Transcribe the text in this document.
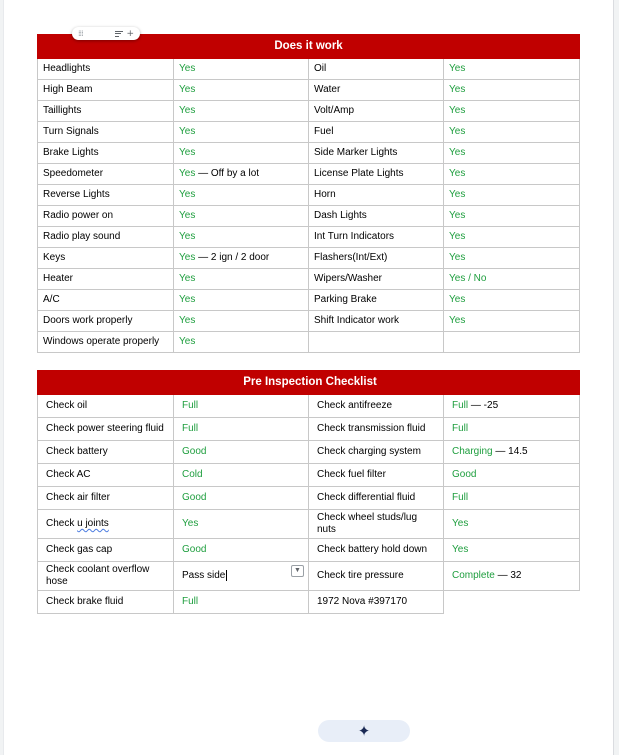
⁞⁞⁞	+
Does it work			
Headlights	Yes	Oil	Yes
High Beam	Yes	Water	Yes
Taillights	Yes	Volt/Amp	Yes
Turn Signals	Yes	Fuel	Yes
Brake Lights	Yes	Side Marker Lights	Yes
Speedometer	Yes — Off by a lot	License Plate Lights	Yes
Reverse Lights	Yes	Horn	Yes
Radio power on	Yes	Dash Lights	Yes
Radio play sound	Yes	Int Turn Indicators	Yes
Keys	Yes — 2 ign / 2 door	Flashers(Int/Ext)	Yes
Heater	Yes	Wipers/Washer	Yes / No
A/C	Yes	Parking Brake	Yes
Doors work properly	Yes	Shift Indicator work	Yes
Windows operate properly	Yes		
Pre Inspection Checklist			
Check oil	Full	Check antifreeze	Full — -25
Check power steering fluid	Full	Check transmission fluid	Full
Check battery	Good	Check charging system	Charging — 14.5
Check AC	Cold	Check fuel filter	Good
Check air filter	Good	Check differential fluid	Full
Check u joints	Yes	Check wheel studs/lug nuts	Yes
Check gas cap	Good	Check battery hold down	Yes
Check coolant overflow hose	Pass side ▼	Check tire pressure	Complete — 32
Check brake fluid	Full	1972 Nova #397170	
✦
